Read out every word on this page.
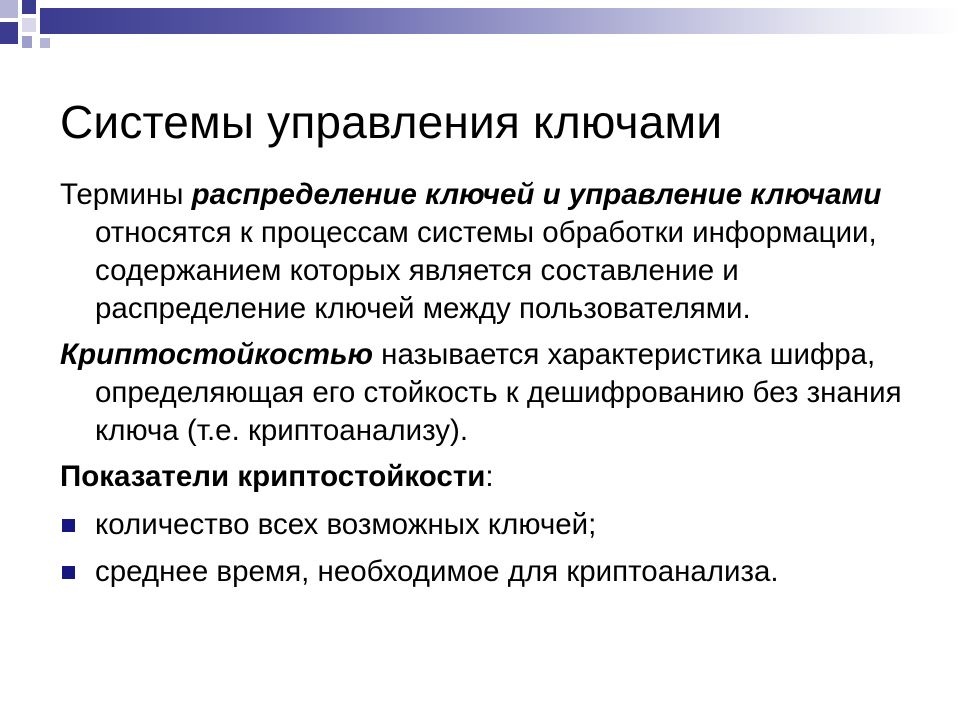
Системы управления ключами

Термины распределение ключей и управление ключами относятся к процессам системы обработки информации, содержанием которых является составление и распределение ключей между пользователями.

Криптостойкостью называется характеристика шифра, определяющая его стойкость к дешифрованию без знания ключа (т.е. криптоанализу).

Показатели криптостойкости:

количество всех возможных ключей;
среднее время, необходимое для криптоанализа.
